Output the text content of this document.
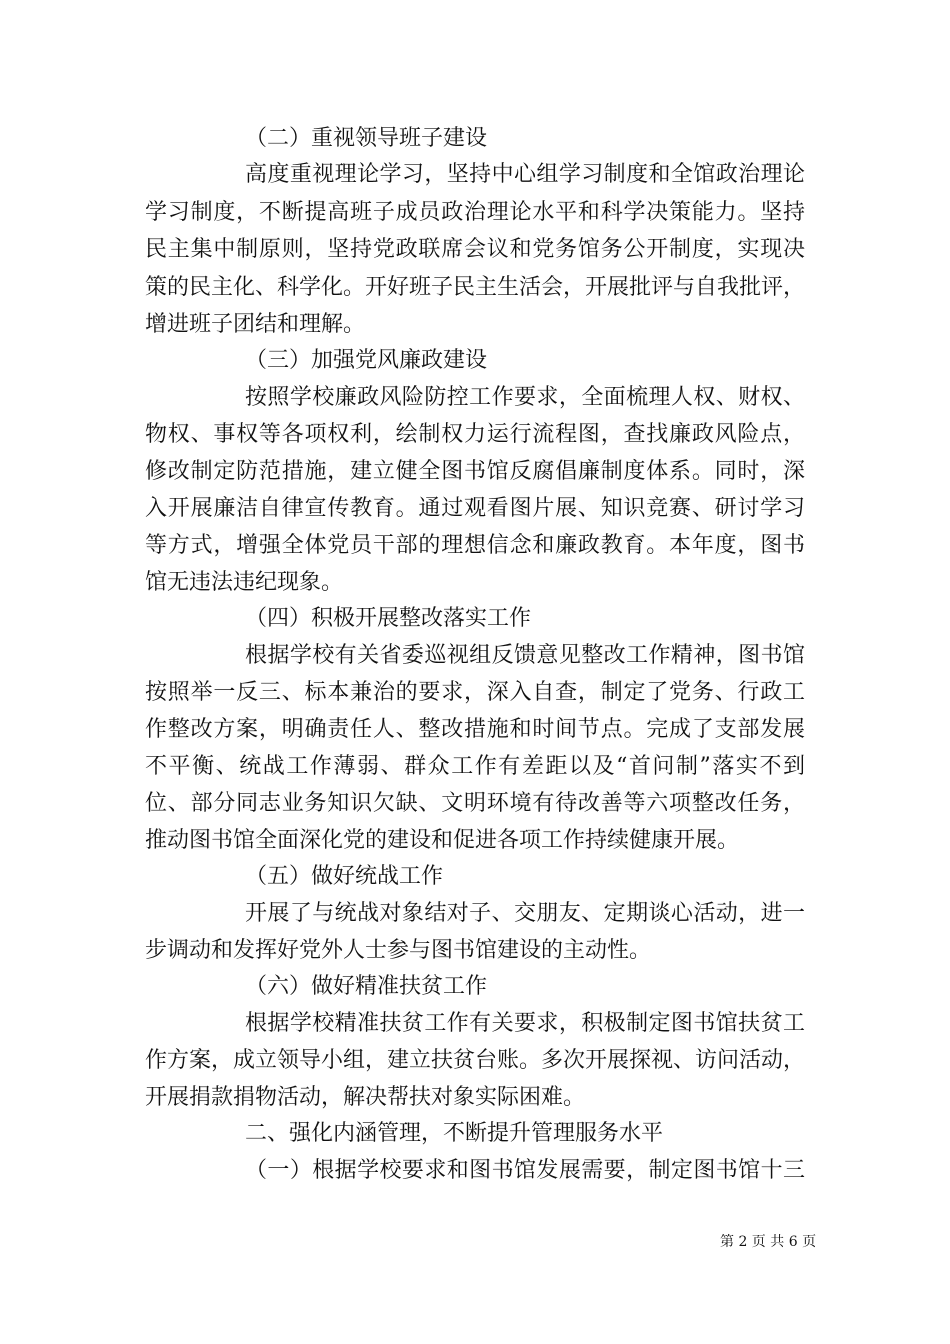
（二）重视领导班子建设
高度重视理论学习，坚持中心组学习制度和全馆政治理论
学习制度，不断提高班子成员政治理论水平和科学决策能力。坚持
民主集中制原则，坚持党政联席会议和党务馆务公开制度，实现决
策的民主化、科学化。开好班子民主生活会，开展批评与自我批评，
增进班子团结和理解。
（三）加强党风廉政建设
按照学校廉政风险防控工作要求，全面梳理人权、财权、
物权、事权等各项权利，绘制权力运行流程图，查找廉政风险点，
修改制定防范措施，建立健全图书馆反腐倡廉制度体系。同时，深
入开展廉洁自律宣传教育。通过观看图片展、知识竞赛、研讨学习
等方式，增强全体党员干部的理想信念和廉政教育。本年度，图书
馆无违法违纪现象。
（四）积极开展整改落实工作
根据学校有关省委巡视组反馈意见整改工作精神，图书馆
按照举一反三、标本兼治的要求，深入自查，制定了党务、行政工
作整改方案，明确责任人、整改措施和时间节点。完成了支部发展
不平衡、统战工作薄弱、群众工作有差距以及“首问制”落实不到
位、部分同志业务知识欠缺、文明环境有待改善等六项整改任务，
推动图书馆全面深化党的建设和促进各项工作持续健康开展。
（五）做好统战工作
开展了与统战对象结对子、交朋友、定期谈心活动，进一
步调动和发挥好党外人士参与图书馆建设的主动性。
（六）做好精准扶贫工作
根据学校精准扶贫工作有关要求，积极制定图书馆扶贫工
作方案，成立领导小组，建立扶贫台账。多次开展探视、访问活动，
开展捐款捐物活动，解决帮扶对象实际困难。
二、强化内涵管理，不断提升管理服务水平
（一）根据学校要求和图书馆发展需要，制定图书馆十三
第 2 页 共 6 页
